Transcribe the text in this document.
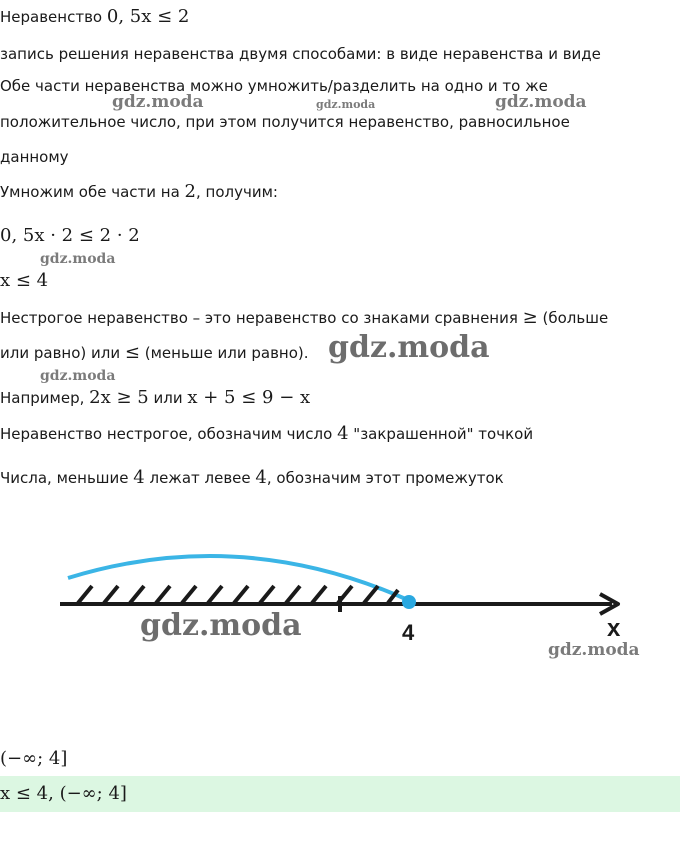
Неравенство 0, 5x ≤ 2
запись решения неравенства двумя способами: в виде неравенства и виде
Обе части неравенства можно умножить/разделить на одно и то же
gdz.moda	gdz.moda	gdz.moda
положительное число, при этом получится неравенство, равносильное
данному
Умножим обе части на 2, получим:
0, 5x · 2 ≤ 2 · 2
gdz.moda
x ≤ 4
Нестрогое неравенство – это неравенство со знаками сравнения ≥ (больше
или равно) или ≤ (меньше или равно). gdz.moda
gdz.moda
Например, 2x ≥ 5 или x + 5 ≤ 9 − x
Неравенство нестрогое, обозначим число 4 "закрашенной" точкой
Числа, меньшие 4 лежат левее 4, обозначим этот промежуток
4	x
gdz.moda
gdz.moda
(−∞; 4]
x ≤ 4, (−∞; 4]
